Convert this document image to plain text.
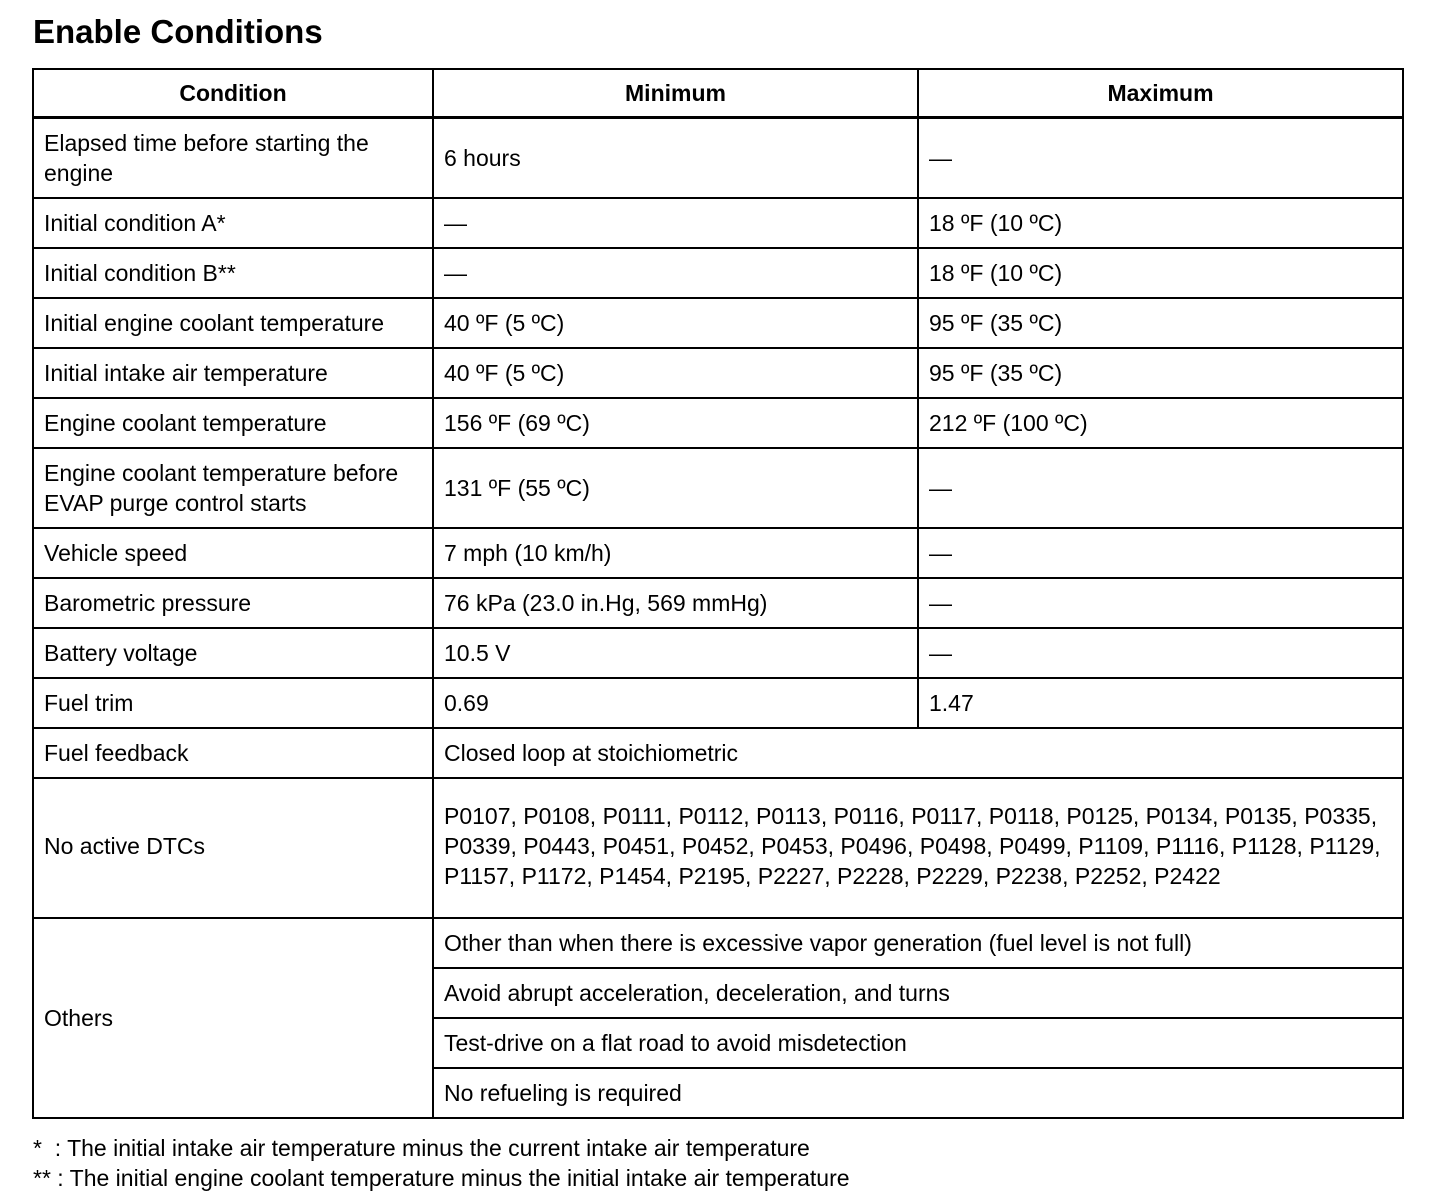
Enable Conditions
Condition	Minimum	Maximum
Elapsed time before starting the engine	6 hours	—
Initial condition A*	—	18 ºF (10 ºC)
Initial condition B**	—	18 ºF (10 ºC)
Initial engine coolant temperature	40 ºF (5 ºC)	95 ºF (35 ºC)
Initial intake air temperature	40 ºF (5 ºC)	95 ºF (35 ºC)
Engine coolant temperature	156 ºF (69 ºC)	212 ºF (100 ºC)
Engine coolant temperature before EVAP purge control starts	131 ºF (55 ºC)	—
Vehicle speed	7 mph (10 km/h)	—
Barometric pressure	76 kPa (23.0 in.Hg, 569 mmHg)	—
Battery voltage	10.5 V	—
Fuel trim	0.69	1.47
Fuel feedback	Closed loop at stoichiometric	
No active DTCs	P0107, P0108, P0111, P0112, P0113, P0116, P0117, P0118, P0125, P0134, P0135, P0335, P0339, P0443, P0451, P0452, P0453, P0496, P0498, P0499, P1109, P1116, P1128, P1129, P1157, P1172, P1454, P2195, P2227, P2228, P2229, P2238, P2252, P2422	
Others	Other than when there is excessive vapor generation (fuel level is not full)	
	Avoid abrupt acceleration, deceleration, and turns	
	Test-drive on a flat road to avoid misdetection	
	No refueling is required	
*  : The initial intake air temperature minus the current intake air temperature
** : The initial engine coolant temperature minus the initial intake air temperature
